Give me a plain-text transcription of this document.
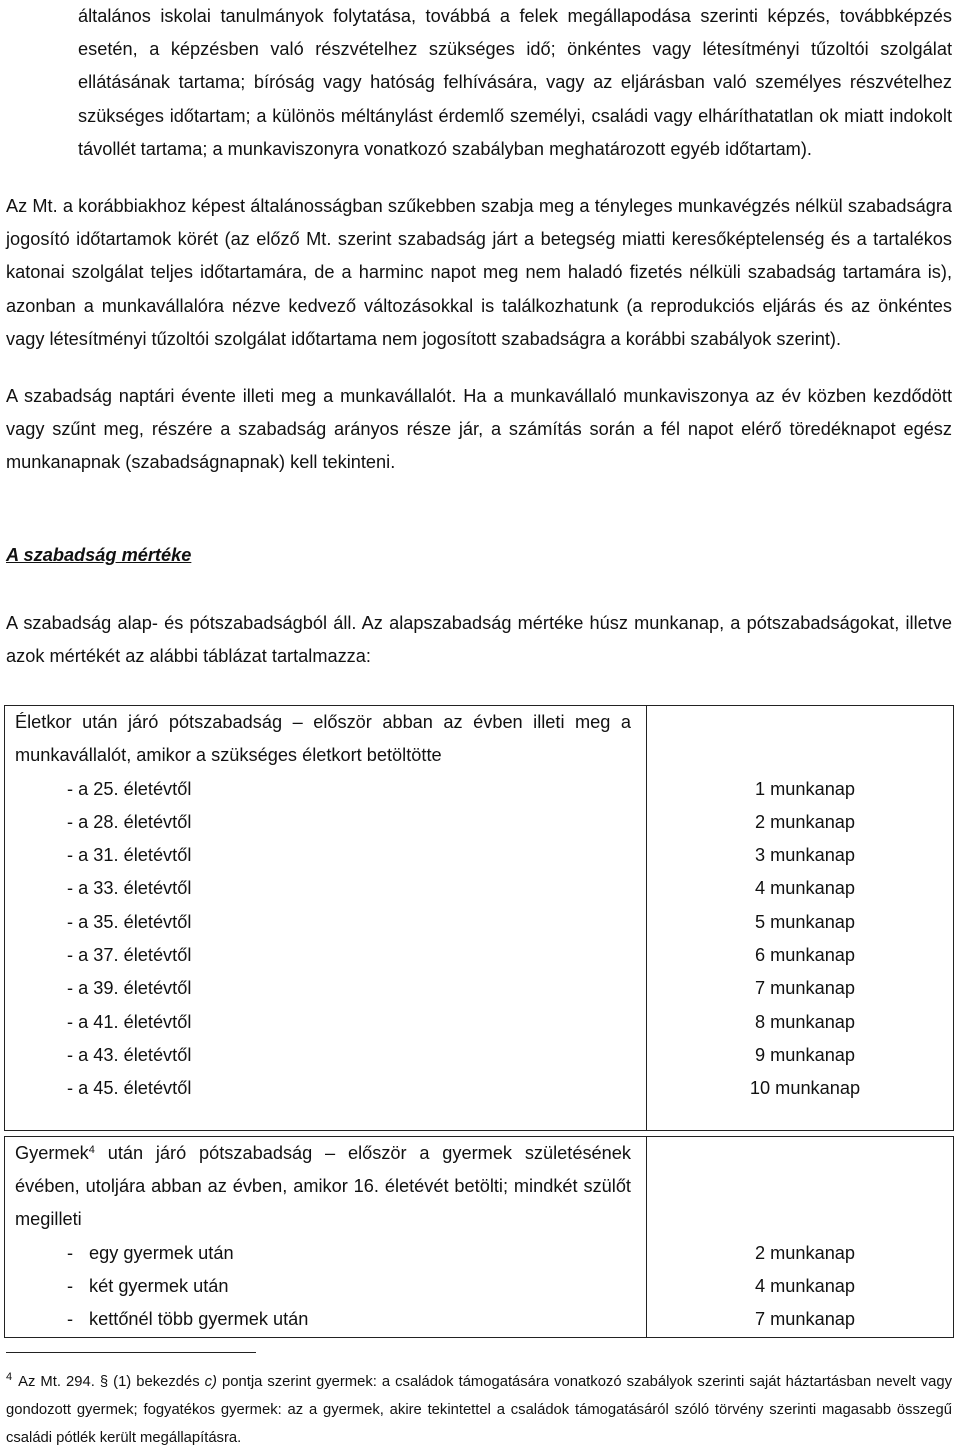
általános iskolai tanulmányok folytatása, továbbá a felek megállapodása szerinti képzés, továbbképzés esetén, a képzésben való részvételhez szükséges idő; önkéntes vagy létesítményi tűzoltói szolgálat ellátásának tartama; bíróság vagy hatóság felhívására, vagy az eljárásban való személyes részvételhez szükséges időtartam; a különös méltánylást érdemlő személyi, családi vagy elháríthatatlan ok miatt indokolt távollét tartama; a munkaviszonyra vonatkozó szabályban meghatározott egyéb időtartam).

Az Mt. a korábbiakhoz képest általánosságban szűkebben szabja meg a tényleges munkavégzés nélkül szabadságra jogosító időtartamok körét (az előző Mt. szerint szabadság járt a betegség miatti keresőképtelenség és a tartalékos katonai szolgálat teljes időtartamára, de a harminc napot meg nem haladó fizetés nélküli szabadság tartamára is), azonban a munkavállalóra nézve kedvező változásokkal is találkozhatunk (a reprodukciós eljárás és az önkéntes vagy létesítményi tűzoltói szolgálat időtartama nem jogosított szabadságra a korábbi szabályok szerint).

A szabadság naptári évente illeti meg a munkavállalót. Ha a munkavállaló munkaviszonya az év közben kezdődött vagy szűnt meg, részére a szabadság arányos része jár, a számítás során a fél napot elérő töredéknapot egész munkanapnak (szabadságnapnak) kell tekinteni.

A szabadság mértéke

A szabadság alap- és pótszabadságból áll. Az alapszabadság mértéke húsz munkanap, a pótszabadságokat, illetve azok mértékét az alábbi táblázat tartalmazza:

Életkor után járó pótszabadság – először abban az évben illeti meg a munkavállalót, amikor a szükséges életkort betöltötte

- a 25. életévtől	1 munkanap
- a 28. életévtől	2 munkanap
- a 31. életévtől	3 munkanap
- a 33. életévtől	4 munkanap
- a 35. életévtől	5 munkanap
- a 37. életévtől	6 munkanap
- a 39. életévtől	7 munkanap
- a 41. életévtől	8 munkanap
- a 43. életévtől	9 munkanap
- a 45. életévtől	10 munkanap

Gyermek$^4$ után járó pótszabadság – először a gyermek születésének évében, utoljára abban az évben, amikor 16. életévét betölti; mindkét szülőt megilleti

- egy gyermek után	2 munkanap
- két gyermek után	4 munkanap
- kettőnél több gyermek után	7 munkanap

$^4$ Az Mt. 294. § (1) bekezdés c) pontja szerint gyermek: a családok támogatására vonatkozó szabályok szerinti saját háztartásban nevelt vagy gondozott gyermek; fogyatékos gyermek: az a gyermek, akire tekintettel a családok támogatásáról szóló törvény szerinti magasabb összegű családi pótlék került megállapításra.
